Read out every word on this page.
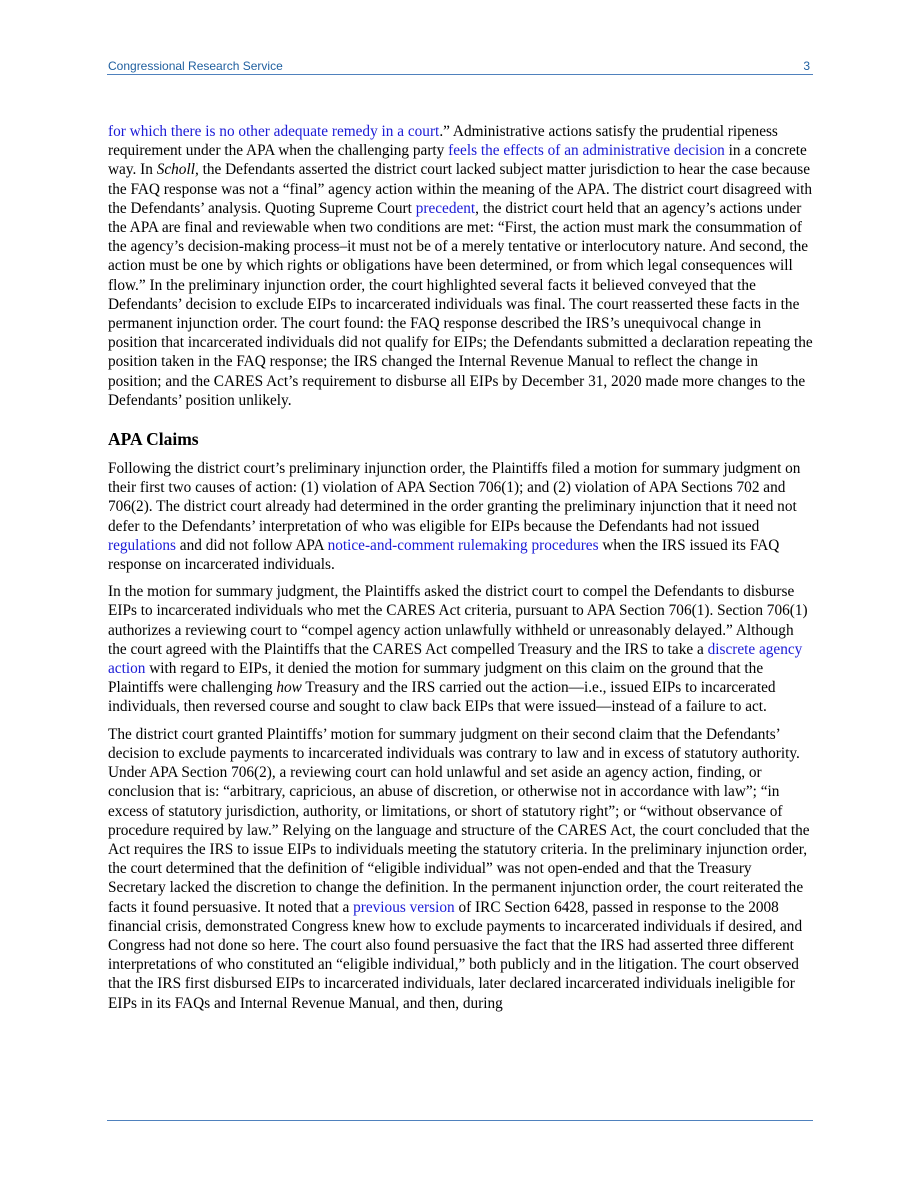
Congressional Research Service	3

for which there is no other adequate remedy in a court.” Administrative actions satisfy the prudential ripeness requirement under the APA when the challenging party feels the effects of an administrative decision in a concrete way. In Scholl, the Defendants asserted the district court lacked subject matter jurisdiction to hear the case because the FAQ response was not a “final” agency action within the meaning of the APA. The district court disagreed with the Defendants’ analysis. Quoting Supreme Court precedent, the district court held that an agency’s actions under the APA are final and reviewable when two conditions are met: “First, the action must mark the consummation of the agency’s decision-making process–it must not be of a merely tentative or interlocutory nature. And second, the action must be one by which rights or obligations have been determined, or from which legal consequences will flow.” In the preliminary injunction order, the court highlighted several facts it believed conveyed that the Defendants’ decision to exclude EIPs to incarcerated individuals was final. The court reasserted these facts in the permanent injunction order. The court found: the FAQ response described the IRS’s unequivocal change in position that incarcerated individuals did not qualify for EIPs; the Defendants submitted a declaration repeating the position taken in the FAQ response; the IRS changed the Internal Revenue Manual to reflect the change in position; and the CARES Act’s requirement to disburse all EIPs by December 31, 2020 made more changes to the Defendants’ position unlikely.

APA Claims

Following the district court’s preliminary injunction order, the Plaintiffs filed a motion for summary judgment on their first two causes of action: (1) violation of APA Section 706(1); and (2) violation of APA Sections 702 and 706(2). The district court already had determined in the order granting the preliminary injunction that it need not defer to the Defendants’ interpretation of who was eligible for EIPs because the Defendants had not issued regulations and did not follow APA notice-and-comment rulemaking procedures when the IRS issued its FAQ response on incarcerated individuals.

In the motion for summary judgment, the Plaintiffs asked the district court to compel the Defendants to disburse EIPs to incarcerated individuals who met the CARES Act criteria, pursuant to APA Section 706(1). Section 706(1) authorizes a reviewing court to “compel agency action unlawfully withheld or unreasonably delayed.” Although the court agreed with the Plaintiffs that the CARES Act compelled Treasury and the IRS to take a discrete agency action with regard to EIPs, it denied the motion for summary judgment on this claim on the ground that the Plaintiffs were challenging how Treasury and the IRS carried out the action—i.e., issued EIPs to incarcerated individuals, then reversed course and sought to claw back EIPs that were issued—instead of a failure to act.

The district court granted Plaintiffs’ motion for summary judgment on their second claim that the Defendants’ decision to exclude payments to incarcerated individuals was contrary to law and in excess of statutory authority. Under APA Section 706(2), a reviewing court can hold unlawful and set aside an agency action, finding, or conclusion that is: “arbitrary, capricious, an abuse of discretion, or otherwise not in accordance with law”; “in excess of statutory jurisdiction, authority, or limitations, or short of statutory right”; or “without observance of procedure required by law.” Relying on the language and structure of the CARES Act, the court concluded that the Act requires the IRS to issue EIPs to individuals meeting the statutory criteria. In the preliminary injunction order, the court determined that the definition of “eligible individual” was not open-ended and that the Treasury Secretary lacked the discretion to change the definition. In the permanent injunction order, the court reiterated the facts it found persuasive. It noted that a previous version of IRC Section 6428, passed in response to the 2008 financial crisis, demonstrated Congress knew how to exclude payments to incarcerated individuals if desired, and Congress had not done so here. The court also found persuasive the fact that the IRS had asserted three different interpretations of who constituted an “eligible individual,” both publicly and in the litigation. The court observed that the IRS first disbursed EIPs to incarcerated individuals, later declared incarcerated individuals ineligible for EIPs in its FAQs and Internal Revenue Manual, and then, during
